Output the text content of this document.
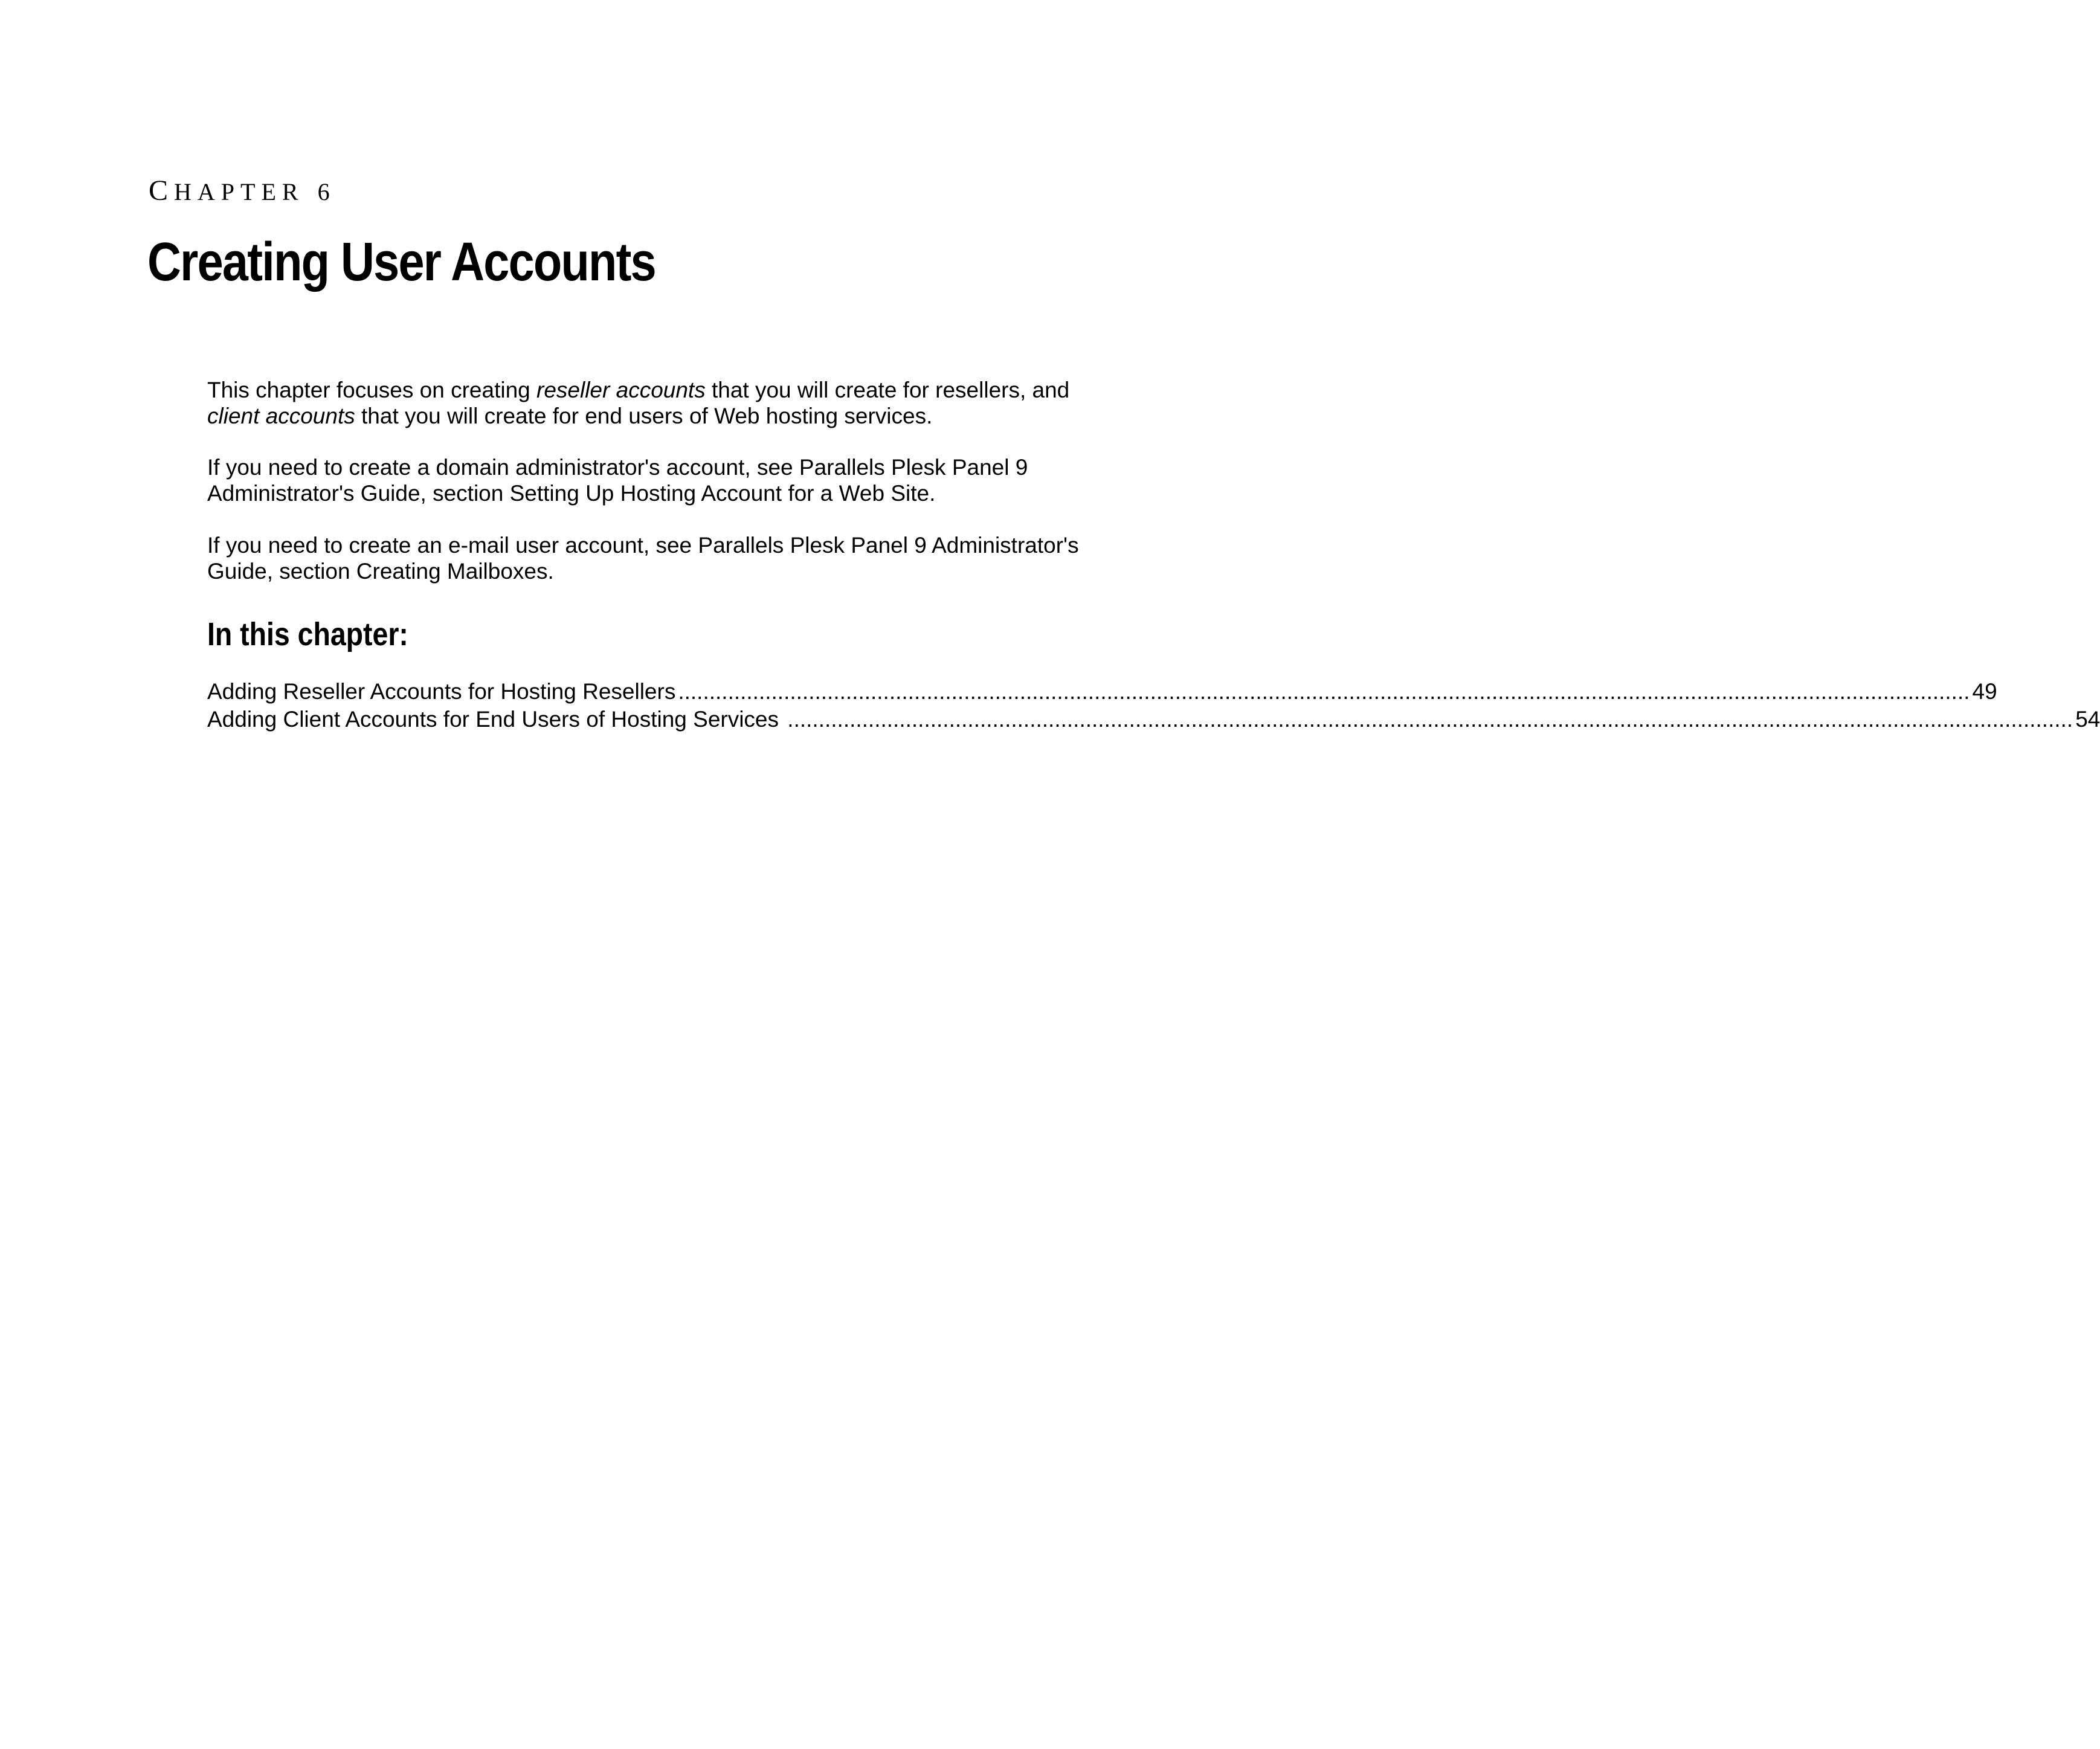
CHAPTER 6
Creating User Accounts

This chapter focuses on creating reseller accounts that you will create for resellers, and client accounts that you will create for end users of Web hosting services.

If you need to create a domain administrator's account, see Parallels Plesk Panel 9 Administrator's Guide, section Setting Up Hosting Account for a Web Site.

If you need to create an e-mail user account, see Parallels Plesk Panel 9 Administrator's Guide, section Creating Mailboxes.

In this chapter:
Adding Reseller Accounts for Hosting Resellers ................................................................................................................................................................................................................ 49
Adding Client Accounts for End Users of Hosting Services ............................................................................................................................................................................................................... 54
